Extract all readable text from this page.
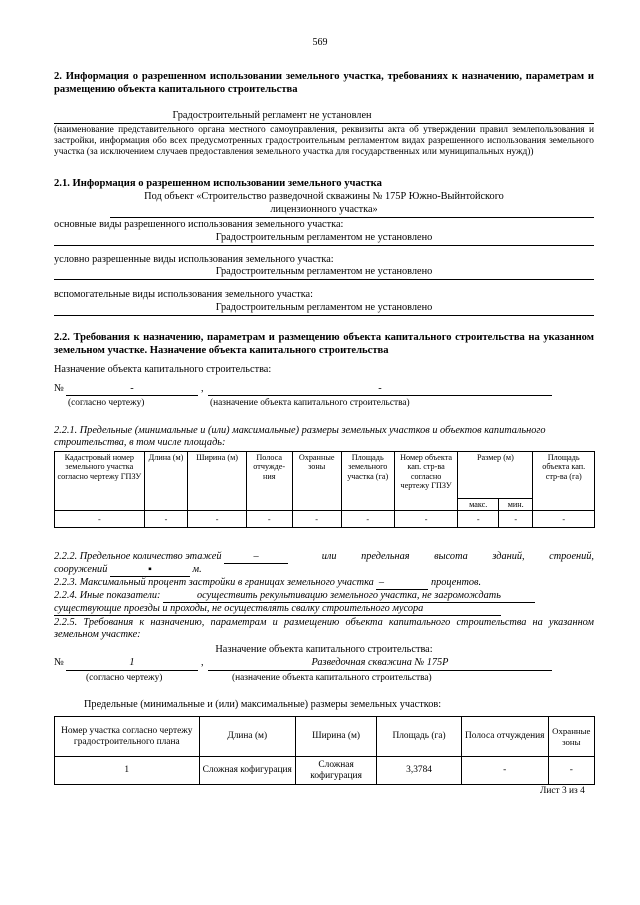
569
2. Информация о разрешенном использовании земельного участка, требованиях к назначению, параметрам и размещению объекта капитального строительства
Градостроительный регламент не установлен
(наименование представительного органа местного самоуправления, реквизиты акта об утверждении правил землепользования и застройки, информация обо всех предусмотренных градостроительным регламентом видах разрешенного использования земельного участка (за исключением случаев предоставления земельного участка для государственных или муниципальных нужд))
2.1. Информация о разрешенном использовании земельного участка
Под объект «Строительство разведочной скважины № 175Р Южно-Выйнтойского
лицензионного участка»
основные виды разрешенного использования земельного участка:
Градостроительным регламентом не установлено
условно разрешенные виды использования земельного участка:
Градостроительным регламентом не установлено
вспомогательные виды использования земельного участка:
Градостроительным регламентом не установлено
2.2. Требования к назначению, параметрам и размещению объекта капитального строительства на указанном земельном участке. Назначение объекта капитального строительства
Назначение объекта капитального строительства:
№	-	,	-
(согласно чертежу)	(назначение объекта капитального строительства)
2.2.1. Предельные (минимальные и (или) максимальные) размеры земельных участков и объектов капитального строительства, в том числе площадь:
Кадастровый номер земельного участка согласно чертежу ГПЗУ	Длина (м)	Ширина (м)	Полоса отчужде-ния	Охранные зоны	Площадь земельного участка (га)	Номер объекта кап. стр-ва согласно чертежу ГПЗУ	Размер (м)		Площадь объекта кап. стр-ва (га)
							макс.	мин.	
-	-	-	-	-	-	-	-	-	-
2.2.2. Предельное количество этажей	–	или предельная высота зданий, строений,
сооружений	▪	м.
2.2.3. Максимальный процент застройки в границах земельного участка  –	процентов.
2.2.4. Иные показатели:	осуществить рекультивацию земельного участка, не загромождать
существующие проезды и проходы, не осуществлять свалку строительного мусора
2.2.5. Требования к назначению, параметрам и размещению объекта капитального строительства на указанном земельном участке:
Назначение объекта капитального строительства:
№	1	,	Разведочная скважина № 175Р
(согласно чертежу)	(назначение объекта капитального строительства)
Предельные (минимальные и (или) максимальные) размеры земельных участков:
Номер участка согласно чертежу градостроительного плана	Длина (м)	Ширина (м)	Площадь (га)	Полоса отчуждения	Охранные зоны
1	Сложная кофигурация	Сложная кофигурация	3,3784	-	-
Лист 3 из 4
